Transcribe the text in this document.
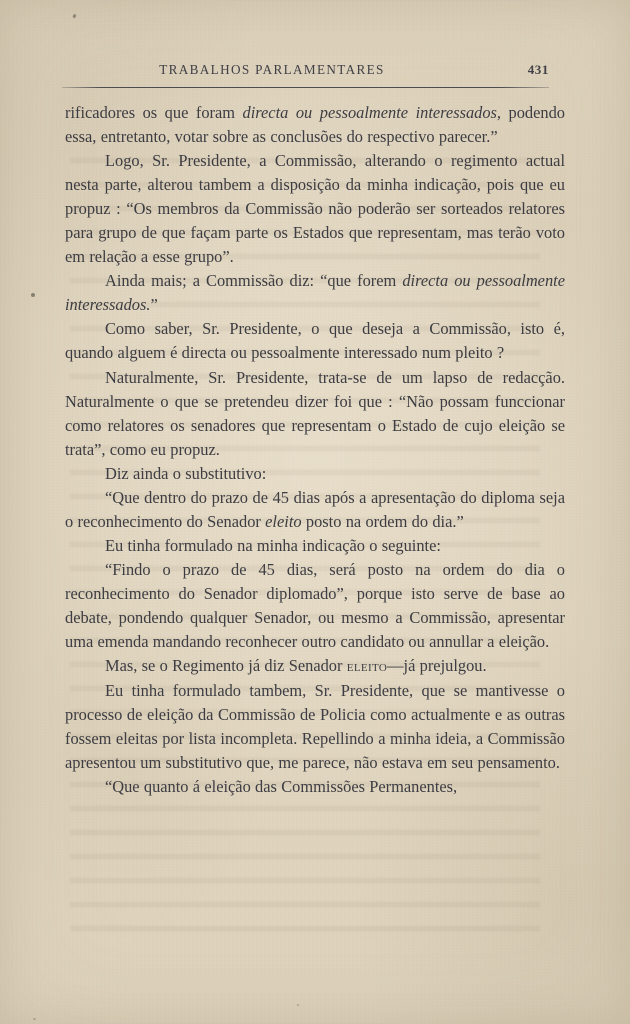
TRABALHOS PARLAMENTARES	431

rificadores os que foram directa ou pessoalmente interessados, podendo essa, entretanto, votar sobre as conclusões do respectivo parecer.”

Logo, Sr. Presidente, a Commissão, alterando o regimento actual nesta parte, alterou tambem a disposição da minha indicação, pois que eu propuz : “Os membros da Commissão não poderão ser sorteados relatores para grupo de que façam parte os Estados que representam, mas terão voto em relação a esse grupo”.

Ainda mais; a Commissão diz: “que forem directa ou pessoalmente interessados.”

Como saber, Sr. Presidente, o que deseja a Commissão, isto é, quando alguem é directa ou pessoalmente interessado num pleito ?

Naturalmente, Sr. Presidente, trata-se de um lapso de redacção. Naturalmente o que se pretendeu dizer foi que : “Não possam funccionar como relatores os senadores que representam o Estado de cujo eleição se trata”, como eu propuz.

Diz ainda o substitutivo:

“Que dentro do prazo de 45 dias após a apresentação do diploma seja o reconhecimento do Senador eleito posto na ordem do dia.”

Eu tinha formulado na minha indicação o seguinte:

“Findo o prazo de 45 dias, será posto na ordem do dia o reconhecimento do Senador diplomado”, porque isto serve de base ao debate, pondendo qualquer Senador, ou mesmo a Commissão, apresentar uma emenda mandando reconhecer outro candidato ou annullar a eleição.

Mas, se o Regimento já diz Senador eleito—já prejulgou.

Eu tinha formulado tambem, Sr. Presidente, que se mantivesse o processo de eleição da Commissão de Policia como actualmente e as outras fossem eleitas por lista incompleta. Repellindo a minha ideia, a Commissão apresentou um substitutivo que, me parece, não estava em seu pensamento.

“Que quanto á eleição das Commissões Permanentes,
